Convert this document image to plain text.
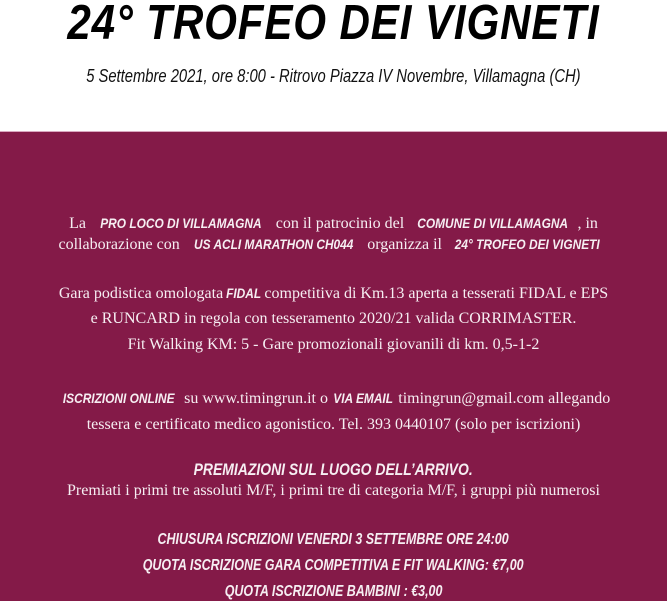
24° TROFEO DEI VIGNETI
5 Settembre 2021, ore 8:00 - Ritrovo Piazza IV Novembre, Villamagna (CH)
La PRO LOCO DI VILLAMAGNA con il patrocinio del COMUNE DI VILLAMAGNA , in
collaborazione con US ACLI MARATHON CH044 organizza il 24° TROFEO DEI VIGNETI
Gara podistica omologata FIDAL competitiva di Km.13 aperta a tesserati FIDAL e EPS
e RUNCARD in regola con tesseramento 2020/21 valida CORRIMASTER.
Fit Walking KM: 5 - Gare promozionali giovanili di km. 0,5-1-2
ISCRIZIONI ONLINE su www.timingrun.it o VIA EMAIL timingrun@gmail.com allegando
tessera e certificato medico agonistico. Tel. 393 0440107 (solo per iscrizioni)
PREMIAZIONI SUL LUOGO DELL’ARRIVO.
Premiati i primi tre assoluti M/F, i primi tre di categoria M/F, i gruppi più numerosi
CHIUSURA ISCRIZIONI VENERDI 3 SETTEMBRE ORE 24:00
QUOTA ISCRIZIONE GARA COMPETITIVA E FIT WALKING: €7,00
QUOTA ISCRIZIONE BAMBINI : €3,00
